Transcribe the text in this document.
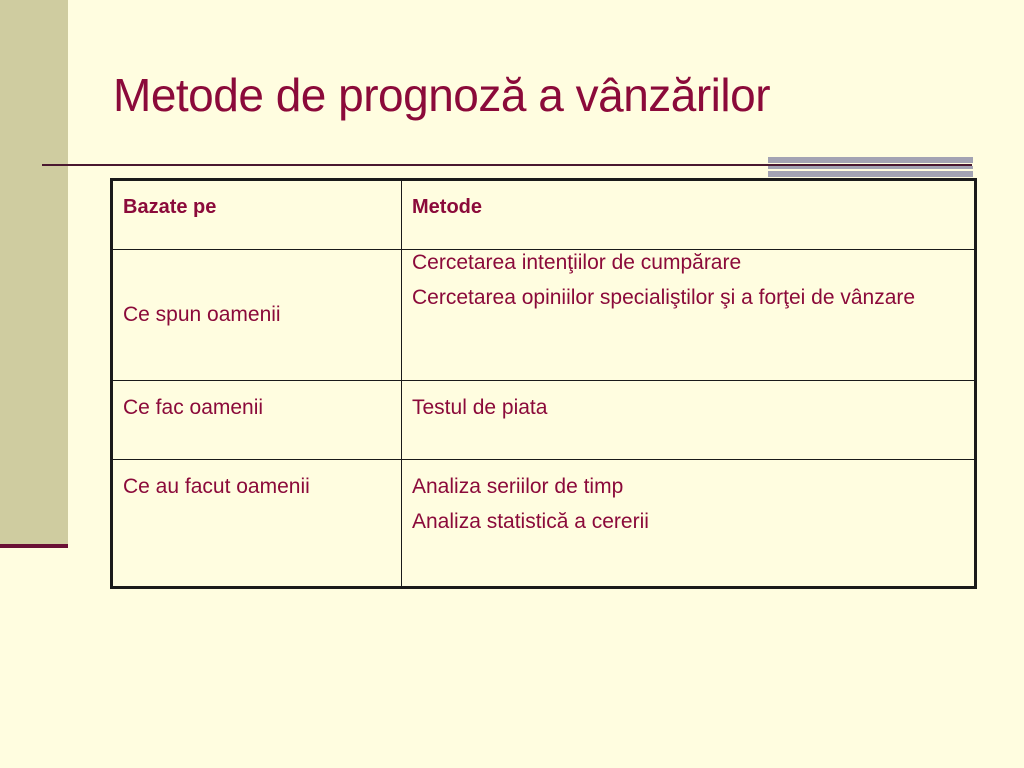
Metode de prognoză a vânzărilor
Bazate pe	Metode
Ce spun oamenii	Cercetarea intenţiilor de cumpărare

Cercetarea opiniilor specialiştilor şi a forţei de vânzare

Ce fac oamenii	Testul de piata

Ce au facut oamenii	Analiza seriilor de timp

Analiza statistică a cererii
